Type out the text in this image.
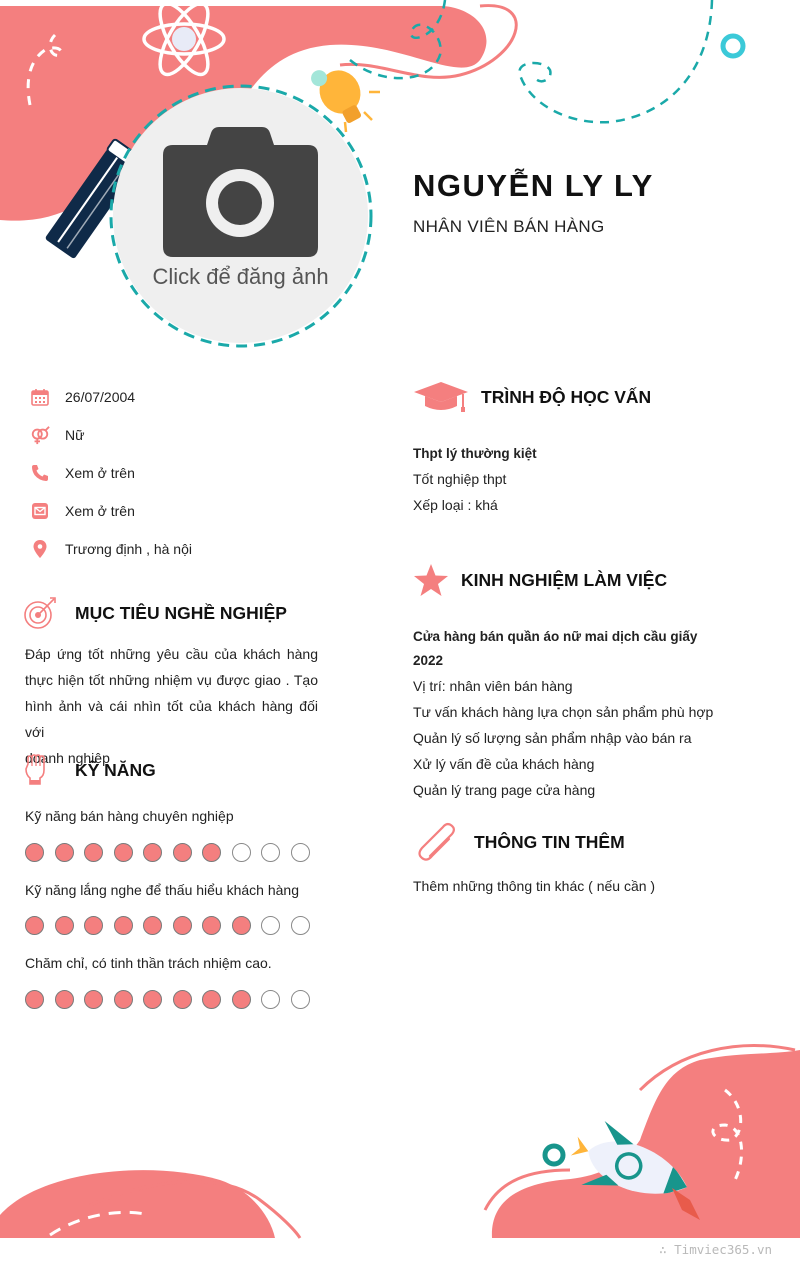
Click để đăng ảnh
NGUYỄN LY LY
NHÂN VIÊN BÁN HÀNG
26/07/2004
Nữ
Xem ở trên
Xem ở trên
Trương định , hà nội
MỤC TIÊU NGHỀ NGHIỆP
Đáp ứng tốt những yêu cầu của khách hàng
thực hiện tốt những nhiệm vụ được giao . Tạo
hình ảnh và cái nhìn tốt của khách hàng đối với
doanh nghiệp
KỸ NĂNG
Kỹ năng bán hàng chuyên nghiệp
Kỹ năng lắng nghe để thấu hiểu khách hàng
Chăm chỉ, có tinh thần trách nhiệm cao.
TRÌNH ĐỘ HỌC VẤN
Thpt lý thường kiệt
Tốt nghiệp thpt
Xếp loại : khá
KINH NGHIỆM LÀM VIỆC
Cửa hàng bán quần áo nữ mai dịch cầu giấy
2022
Vị trí: nhân viên bán hàng
Tư vấn khách hàng lựa chọn sản phẩm phù hợp
Quản lý số lượng sản phẩm nhập vào bán ra
Xử lý vấn đề của khách hàng
Quản lý trang page cửa hàng
THÔNG TIN THÊM
Thêm những thông tin khác ( nếu cần )
∴ Timviec365.vn
